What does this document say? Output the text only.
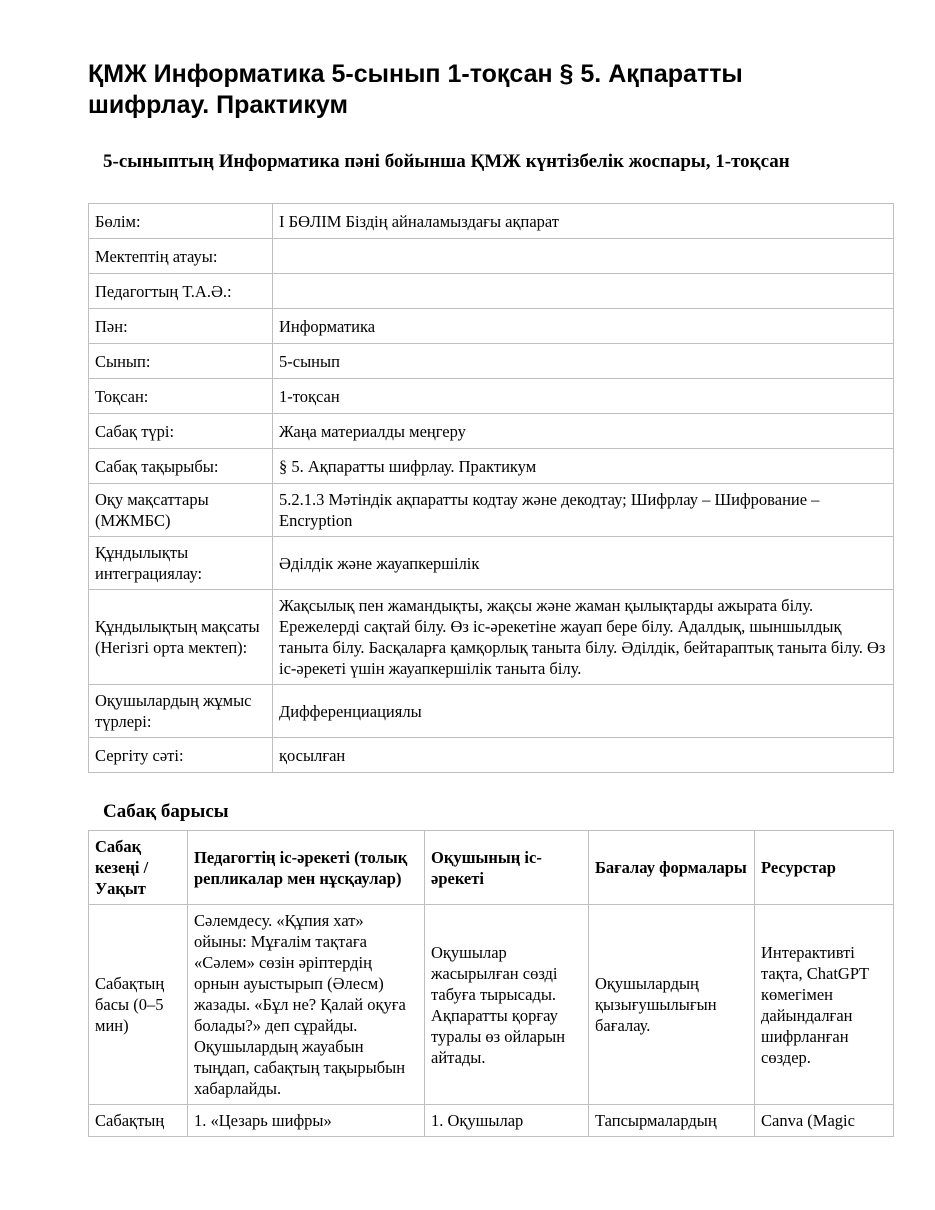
ҚМЖ Информатика 5-сынып 1-тоқсан § 5. Ақпаратты шифрлау. Практикум
5-сыныптың Информатика пәні бойынша ҚМЖ күнтізбелік жоспары, 1-тоқсан
Бөлім:	I БӨЛІМ Біздің айналамыздағы ақпарат
Мектептің атауы:	
Педагогтың Т.А.Ә.:	
Пән:	Информатика
Сынып:	5-сынып
Тоқсан:	1-тоқсан
Сабақ түрі:	Жаңа материалды меңгеру
Сабақ тақырыбы:	§ 5. Ақпаратты шифрлау. Практикум
Оқу мақсаттары (МЖМБС)	5.2.1.3 Мәтіндік ақпаратты кодтау және декодтау; Шифрлау – Шифрование – Encryption
Құндылықты интеграциялау:	Әділдік және жауапкершілік
Құндылықтың мақсаты (Негізгі орта мектеп):	Жақсылық пен жамандықты, жақсы және жаман қылықтарды ажырата білу. Ережелерді сақтай білу. Өз іс-әрекетіне жауап бере білу. Адалдық, шыншылдық таныта білу. Басқаларға қамқорлық таныта білу. Әділдік, бейтараптық таныта білу. Өз іс-әрекеті үшін жауапкершілік таныта білу.
Оқушылардың жұмыс түрлері:	Дифференциациялы
Сергіту сәті:	қосылған
Сабақ барысы
Сабақ кезеңі / Уақыт	Педагогтің іс-әрекеті (толық репликалар мен нұсқаулар)	Оқушының іс-әрекеті	Бағалау формалары	Ресурстар
Сабақтың басы (0–5 мин)	Сәлемдесу. «Құпия хат» ойыны: Мұғалім тақтаға «Сәлем» сөзін әріптердің орнын ауыстырып (Әлесм) жазады. «Бұл не? Қалай оқуға болады?» деп сұрайды. Оқушылардың жауабын тыңдап, сабақтың тақырыбын хабарлайды.	Оқушылар жасырылған сөзді табуға тырысады. Ақпаратты қорғау туралы өз ойларын айтады.	Оқушылардың қызығушылығын бағалау.	Интерактивті тақта, ChatGPT көмегімен дайындалған шифрланған сөздер.
Сабақтың	1. «Цезарь шифры»	1. Оқушылар	Тапсырмалардың	Canva (Magic
